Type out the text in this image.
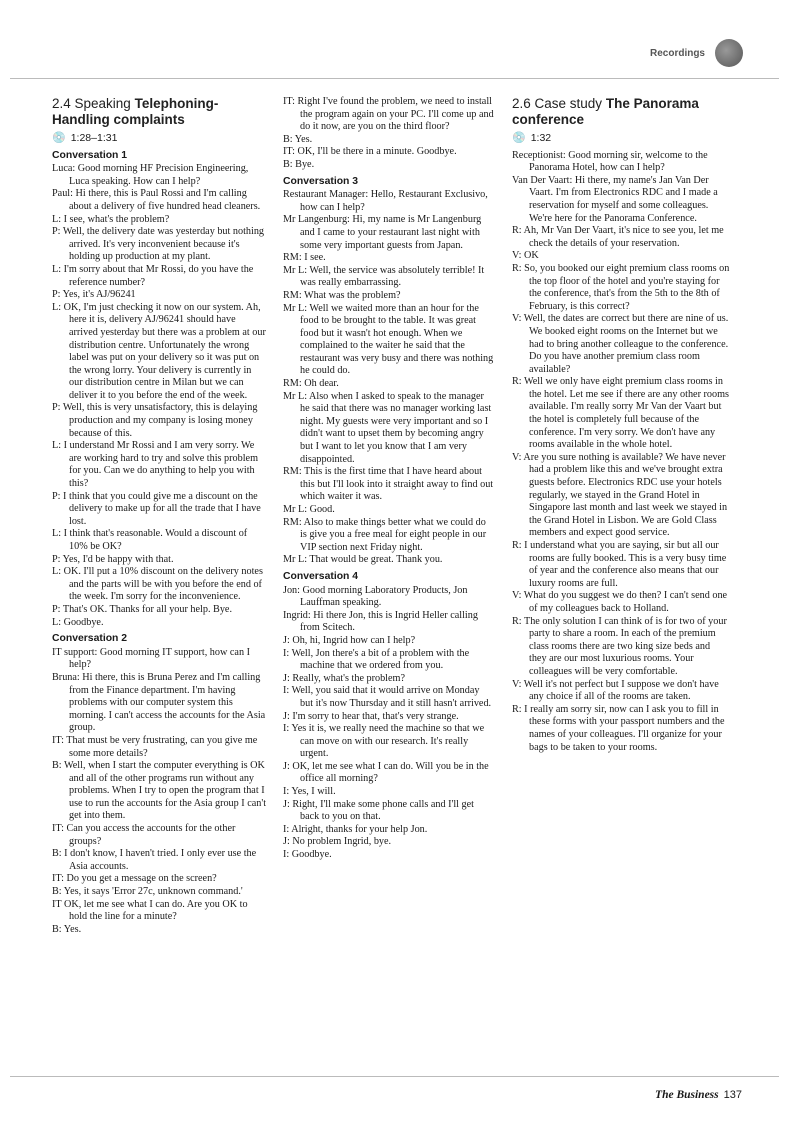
Recordings
2.4 Speaking Telephoning- Handling complaints
💿 1:28–1:31
Conversation 1

Luca: Good morning HF Precision Engineering, Luca speaking. How can I help?

Paul: Hi there, this is Paul Rossi and I'm calling about a delivery of five hundred head cleaners.

L: I see, what's the problem?

P: Well, the delivery date was yesterday but nothing arrived. It's very inconvenient because it's holding up production at my plant.

L: I'm sorry about that Mr Rossi, do you have the reference number?

P: Yes, it's AJ/96241

L: OK, I'm just checking it now on our system. Ah, here it is, delivery AJ/96241 should have arrived yesterday but there was a problem at our distribution centre. Unfortunately the wrong label was put on your delivery so it was put on the wrong lorry. Your delivery is currently in our distribution centre in Milan but we can deliver it to you before the end of the week.

P: Well, this is very unsatisfactory, this is delaying production and my company is losing money because of this.

L: I understand Mr Rossi and I am very sorry. We are working hard to try and solve this problem for you. Can we do anything to help you with this?

P: I think that you could give me a discount on the delivery to make up for all the trade that I have lost.

L: I think that's reasonable. Would a discount of 10% be OK?

P: Yes, I'd be happy with that.

L: OK. I'll put a 10% discount on the delivery notes and the parts will be with you before the end of the week. I'm sorry for the inconvenience.

P: That's OK. Thanks for all your help. Bye.

L: Goodbye.

Conversation 2

IT support: Good morning IT support, how can I help?

Bruna: Hi there, this is Bruna Perez and I'm calling from the Finance department. I'm having problems with our computer system this morning. I can't access the accounts for the Asia group.

IT: That must be very frustrating, can you give me some more details?

B: Well, when I start the computer everything is OK and all of the other programs run without any problems. When I try to open the program that I use to run the accounts for the Asia group I can't get into them.

IT: Can you access the accounts for the other groups?

B: I don't know, I haven't tried. I only ever use the Asia accounts.

IT: Do you get a message on the screen?

B: Yes, it says 'Error 27c, unknown command.'

IT OK, let me see what I can do. Are you OK to hold the line for a minute?

B: Yes.

IT: Right I've found the problem, we need to install the program again on your PC. I'll come up and do it now, are you on the third floor?

B: Yes.

IT: OK, I'll be there in a minute. Goodbye.

B: Bye.

Conversation 3

Restaurant Manager: Hello, Restaurant Exclusivo, how can I help?

Mr Langenburg: Hi, my name is Mr Langenburg and I came to your restaurant last night with some very important guests from Japan.

RM: I see.

Mr L: Well, the service was absolutely terrible! It was really embarrassing.

RM: What was the problem?

Mr L: Well we waited more than an hour for the food to be brought to the table. It was great food but it wasn't hot enough. When we complained to the waiter he said that the restaurant was very busy and there was nothing he could do.

RM: Oh dear.

Mr L: Also when I asked to speak to the manager he said that there was no manager working last night. My guests were very important and so I didn't want to upset them by becoming angry but I want to let you know that I am very disappointed.

RM: This is the first time that I have heard about this but I'll look into it straight away to find out which waiter it was.

Mr L: Good.

RM: Also to make things better what we could do is give you a free meal for eight people in our VIP section next Friday night.

Mr L: That would be great. Thank you.

Conversation 4

Jon: Good morning Laboratory Products, Jon Lauffman speaking.

Ingrid: Hi there Jon, this is Ingrid Heller calling from Scitech.

J: Oh, hi, Ingrid how can I help?

I: Well, Jon there's a bit of a problem with the machine that we ordered from you.

J: Really, what's the problem?

I: Well, you said that it would arrive on Monday but it's now Thursday and it still hasn't arrived.

J: I'm sorry to hear that, that's very strange.

I: Yes it is, we really need the machine so that we can move on with our research. It's really urgent.

J: OK, let me see what I can do. Will you be in the office all morning?

I: Yes, I will.

J: Right, I'll make some phone calls and I'll get back to you on that.

I: Alright, thanks for your help Jon.

J: No problem Ingrid, bye.

I: Goodbye.

2.6 Case study The Panorama conference
💿 1:32

Receptionist: Good morning sir, welcome to the Panorama Hotel, how can I help?

Van Der Vaart: Hi there, my name's Jan Van Der Vaart. I'm from Electronics RDC and I made a reservation for myself and some colleagues. We're here for the Panorama Conference.

R: Ah, Mr Van Der Vaart, it's nice to see you, let me check the details of your reservation.

V: OK

R: So, you booked our eight premium class rooms on the top floor of the hotel and you're staying for the conference, that's from the 5th to the 8th of February, is this correct?

V: Well, the dates are correct but there are nine of us. We booked eight rooms on the Internet but we had to bring another colleague to the conference. Do you have another premium class room available?

R: Well we only have eight premium class rooms in the hotel. Let me see if there are any other rooms available. I'm really sorry Mr Van der Vaart but the hotel is completely full because of the conference. I'm very sorry. We don't have any rooms available in the whole hotel.

V: Are you sure nothing is available? We have never had a problem like this and we've brought extra guests before. Electronics RDC use your hotels regularly, we stayed in the Grand Hotel in Singapore last month and last week we stayed in the Grand Hotel in Lisbon. We are Gold Class members and expect good service.

R: I understand what you are saying, sir but all our rooms are fully booked. This is a very busy time of year and the conference also means that our luxury rooms are full.

V: What do you suggest we do then? I can't send one of my colleagues back to Holland.

R: The only solution I can think of is for two of your party to share a room. In each of the premium class rooms there are two king size beds and they are our most luxurious rooms. Your colleagues will be very comfortable.

V: Well it's not perfect but I suppose we don't have any choice if all of the rooms are taken.

R: I really am sorry sir, now can I ask you to fill in these forms with your passport numbers and the names of your colleagues. I'll organize for your bags to be taken to your rooms.

The Business 137
